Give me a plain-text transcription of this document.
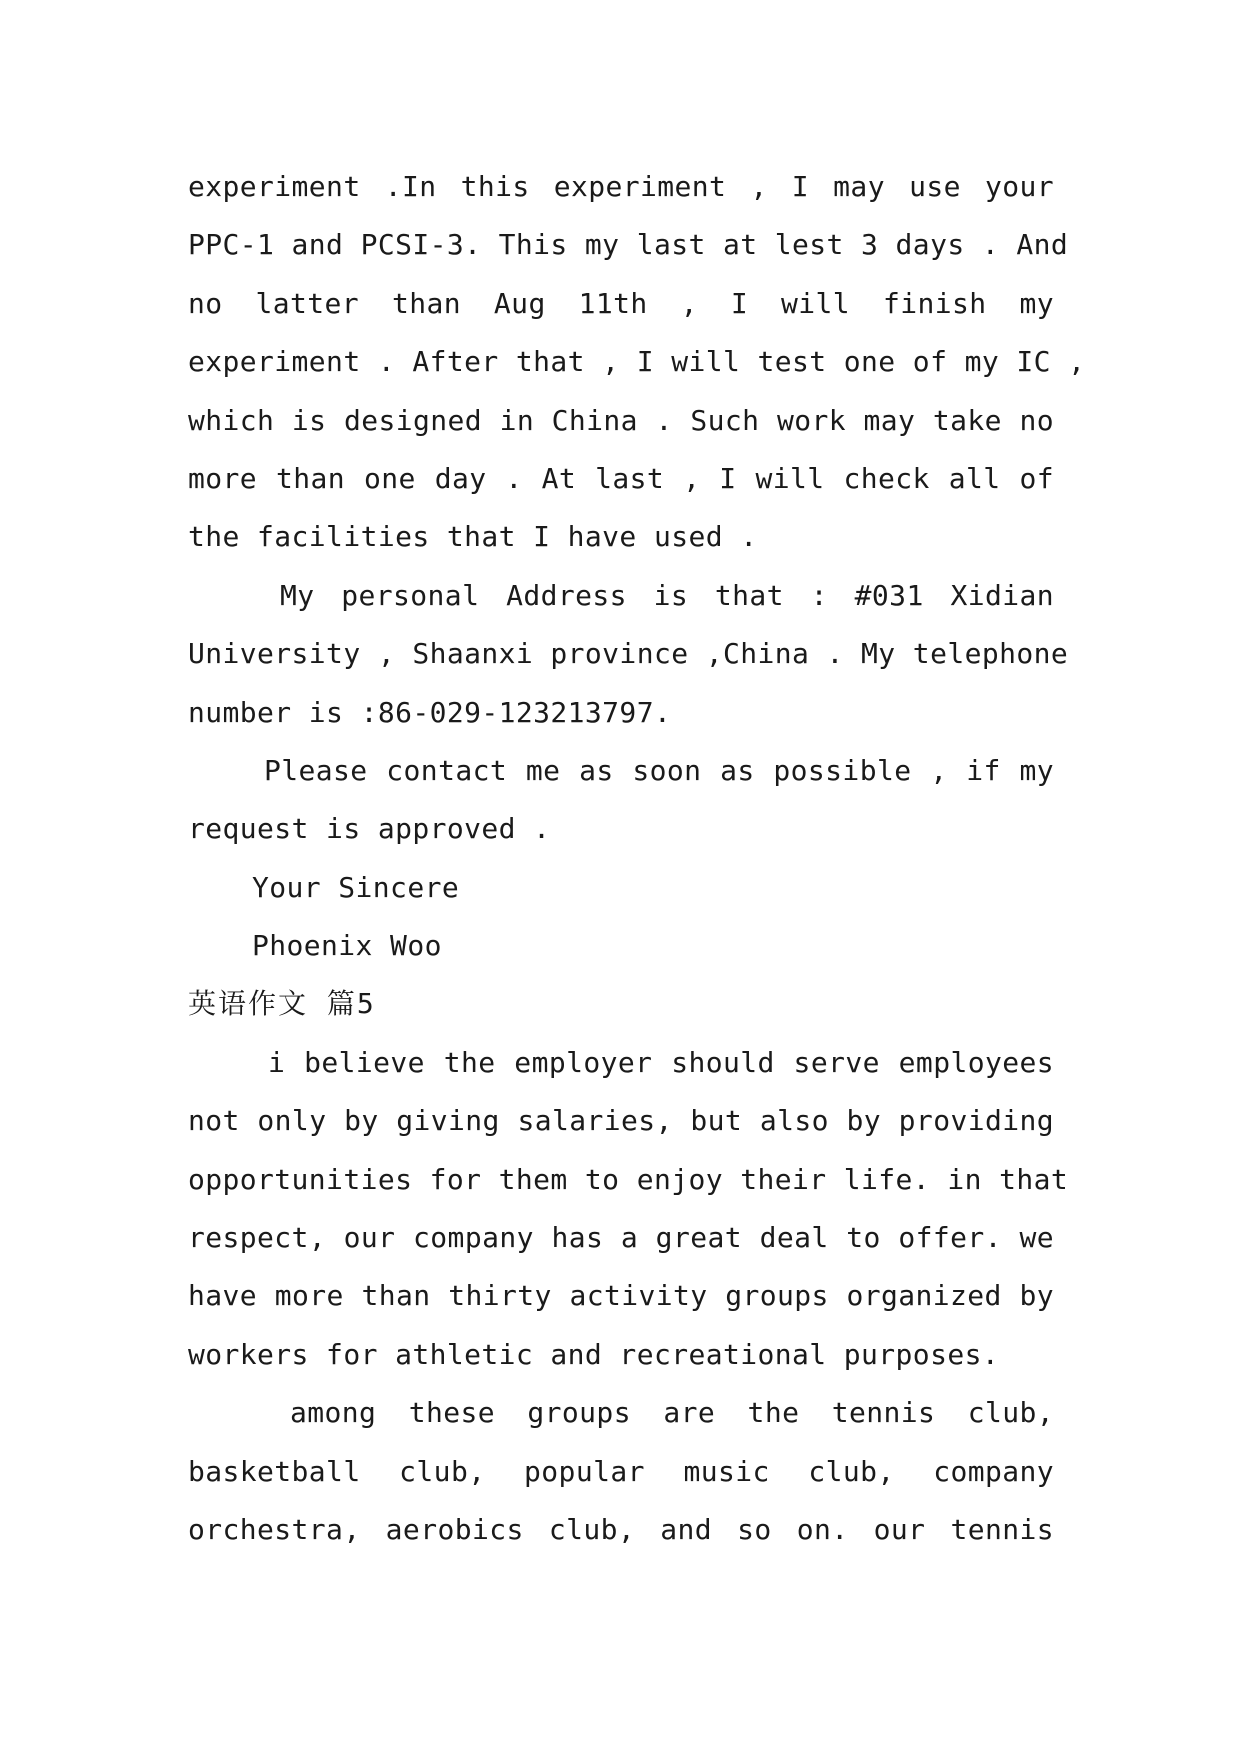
experiment .In this experiment , I may use your
PPC-1 and PCSI-3. This my last at lest 3 days . And
no latter than Aug 11th , I will finish my
experiment . After that , I will test one of my IC ,
which is designed in China . Such work may take no
more than one day . At last , I will check all of
the facilities that I have used .
My personal Address is that : #031 Xidian
University , Shaanxi province ,China . My telephone
number is :86-029-123213797.
Please contact me as soon as possible , if my
request is approved .
Your Sincere
Phoenix Woo
英语作文 篇5
i believe the employer should serve employees
not only by giving salaries, but also by providing
opportunities for them to enjoy their life. in that
respect, our company has a great deal to offer. we
have more than thirty activity groups organized by
workers for athletic and recreational purposes.
among these groups are the tennis club,
basketball club, popular music club, company
orchestra, aerobics club, and so on. our tennis
